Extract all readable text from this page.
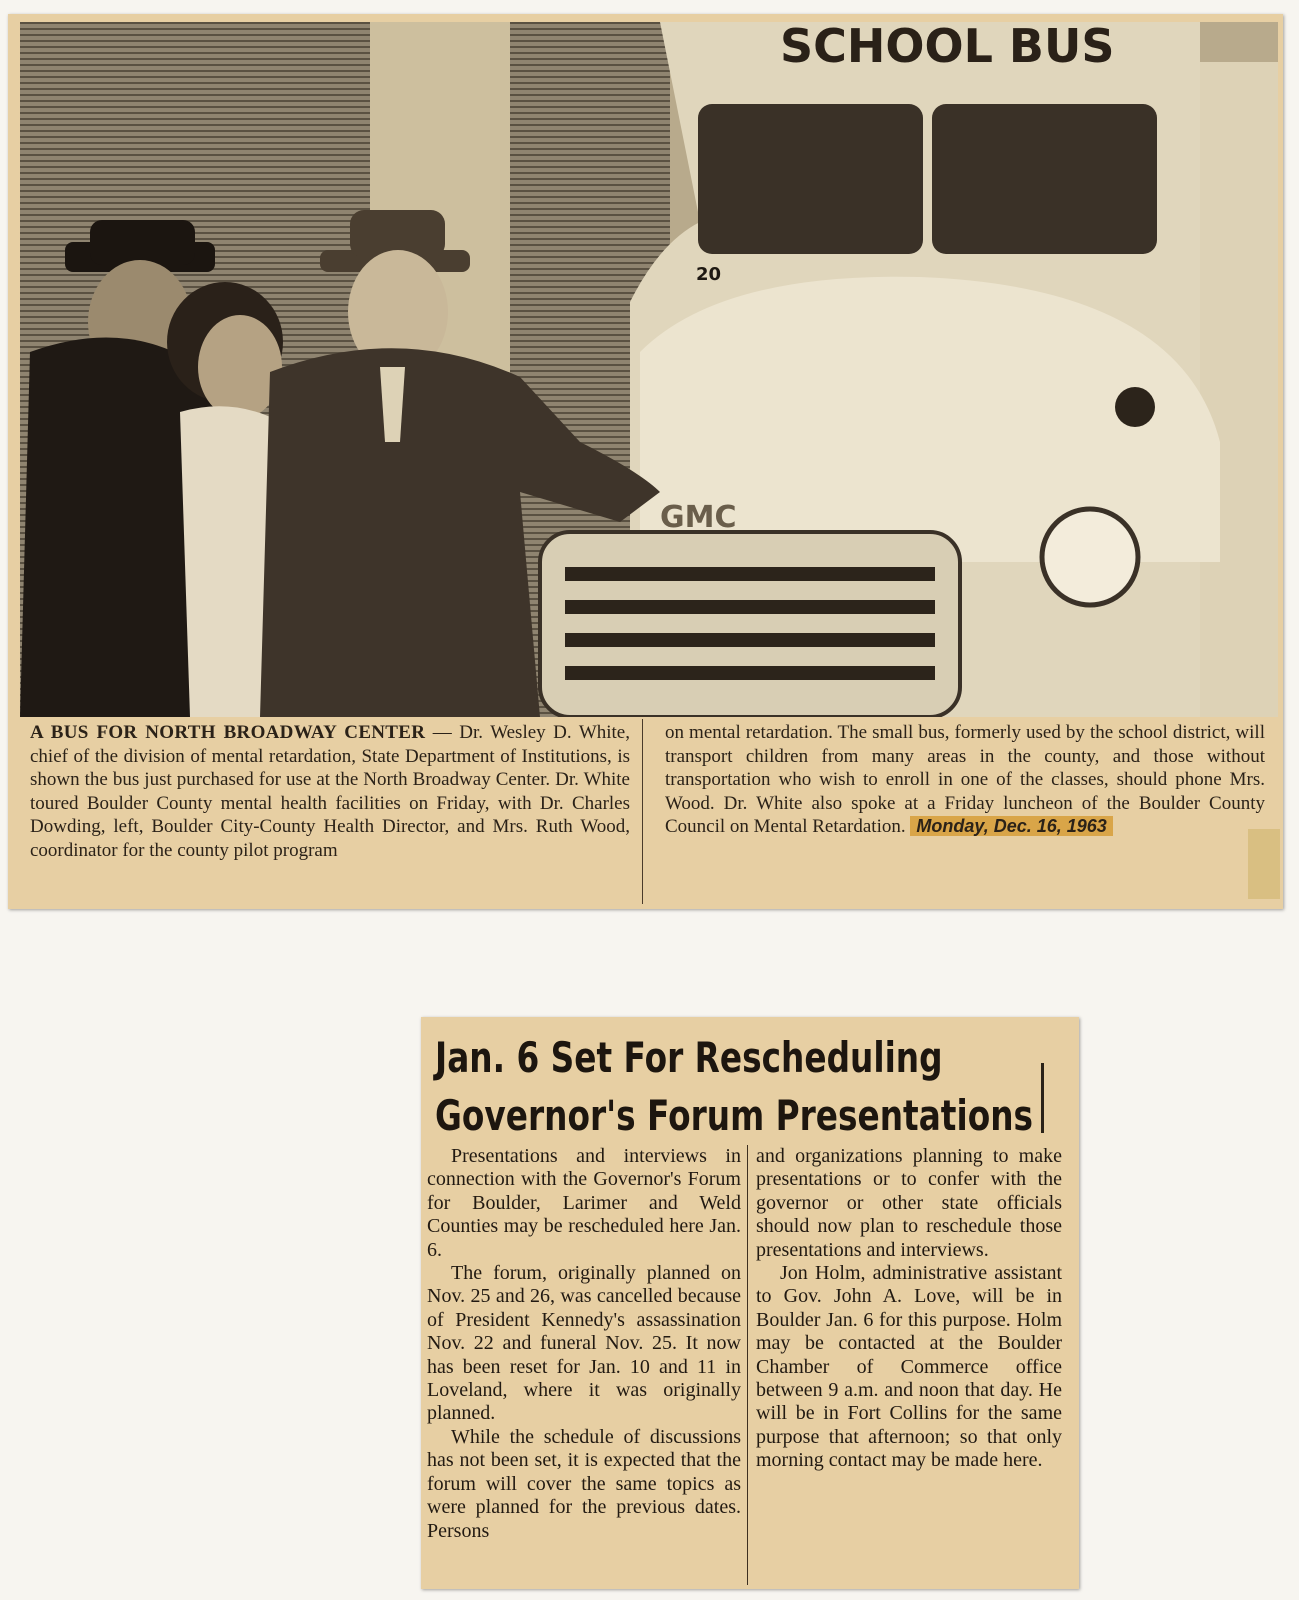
SCHOOL BUS
20
GMC
A BUS FOR NORTH BROADWAY CENTER — Dr. Wesley D. White, chief of the division of mental retardation, State Department of Institutions, is shown the bus just purchased for use at the North Broadway Center. Dr. White toured Boulder County mental health facilities on Friday, with Dr. Charles Dowding, left, Boulder City-County Health Director, and Mrs. Ruth Wood, coordinator for the county pilot program
on mental retardation. The small bus, formerly used by the school district, will transport children from many areas in the county, and those without transportation who wish to enroll in one of the classes, should phone Mrs. Wood. Dr. White also spoke at a Friday luncheon of the Boulder County Council on Mental Retardation. Monday, Dec. 16, 1963
Jan. 6 Set For Rescheduling
Governor's Forum Presentations

Presentations and interviews in connection with the Governor's Forum for Boulder, Larimer and Weld Counties may be rescheduled here Jan. 6.

The forum, originally planned on Nov. 25 and 26, was cancelled because of President Kennedy's assassination Nov. 22 and funeral Nov. 25. It now has been reset for Jan. 10 and 11 in Loveland, where it was originally planned.

While the schedule of discussions has not been set, it is expected that the forum will cover the same topics as were planned for the previous dates. Persons

and organizations planning to make presentations or to confer with the governor or other state officials should now plan to reschedule those presentations and interviews.

Jon Holm, administrative assistant to Gov. John A. Love, will be in Boulder Jan. 6 for this purpose. Holm may be contacted at the Boulder Chamber of Commerce office between 9 a.m. and noon that day. He will be in Fort Collins for the same purpose that afternoon; so that only morning contact may be made here.
